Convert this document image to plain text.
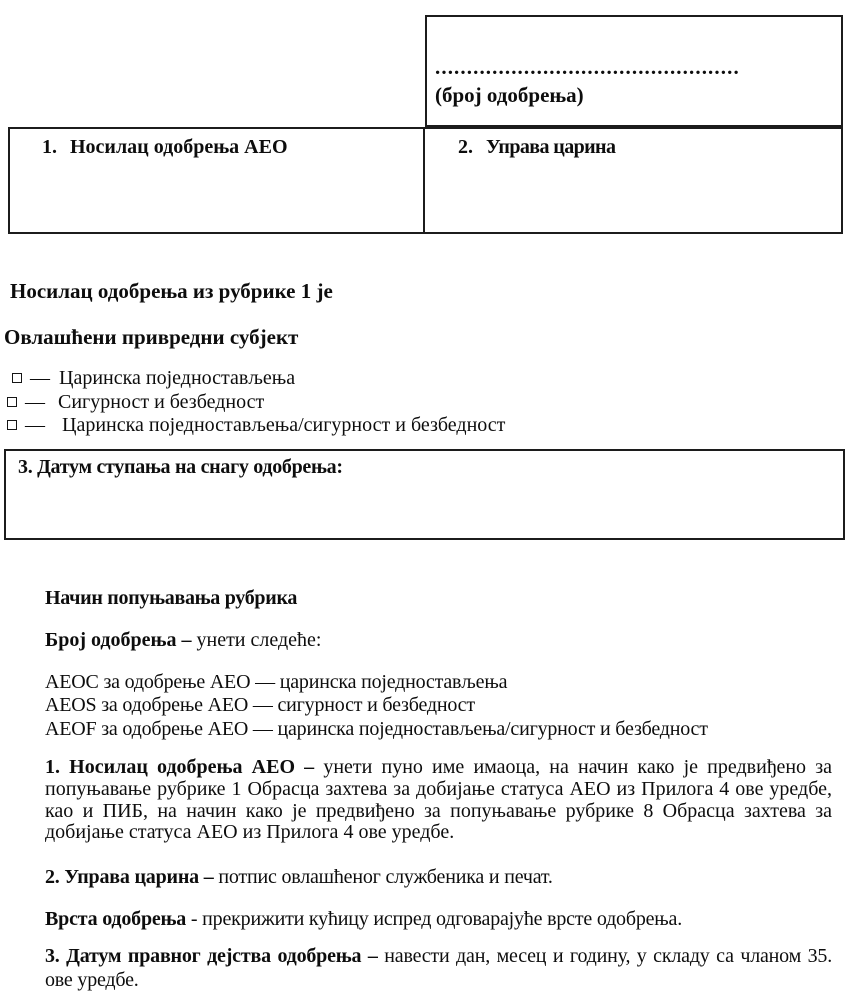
................................................
(број одобрења)
1. Носилац одобрења АЕО	2. Управа царина
Носилац одобрења из рубрике 1 је
Овлашћени привредни субјект
— Царинска поједностављења
— Сигурност и безбедност
— Царинска поједностављења/сигурност и безбедност
3. Датум ступања на снагу одобрења:
Начин попуњавања рубрика
Број одобрења – унети следеће:
AEOC за одобрење АЕО — царинска поједностављења
AEOS за одобрење АЕО — сигурност и безбедност
AEOF за одобрење АЕО — царинска поједностављења/сигурност и безбедност
1. Носилац одобрења АЕО – унети пуно име имаоца, на начин како је предвиђено за попуњавање рубрике 1 Обрасца захтева за добијање статуса АЕО из Прилога 4 ове уредбе, као и ПИБ, на начин како је предвиђено за попуњавање рубрике 8 Обрасца захтева за добијање статуса АЕО из Прилога 4 ове уредбе.
2. Управа царина – потпис овлашћеног службеника и печат.
Врста одобрења - прекрижити кућицу испред одговарајуће врсте одобрења.
3. Датум правног дејства одобрења – навести дан, месец и годину, у складу са чланом 35. ове уредбе.
